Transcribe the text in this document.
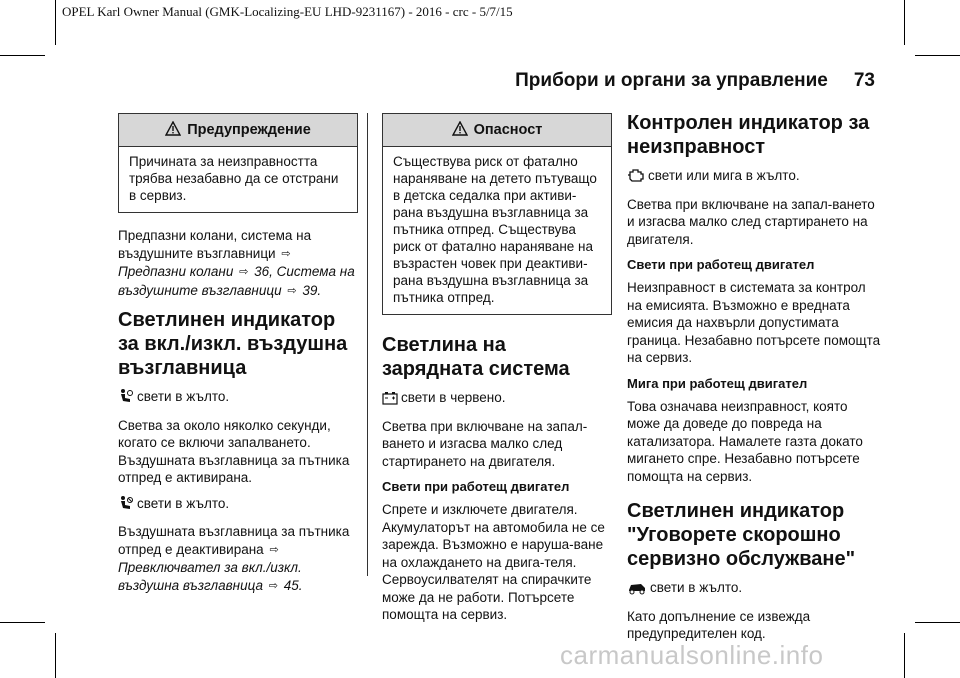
OPEL Karl Owner Manual (GMK-Localizing-EU LHD-9231167) - 2016 - crc - 5/7/15
Прибори и органи за управление 73
Предупреждение
Причината за неизправността трябва незабавно да се отстрани в сервиз.

Предпазни колани, система на въздушните възглавници ⇨ Предпазни колани ⇨ 36, Система на въздушните възглавници ⇨ 39.

Светлинен индикатор за вкл./изкл. въздушна възглавница

свети в жълто.

Светва за около няколко секунди, когато се включи запалването. Въздушната възглавница за пътника отпред е активирана.

свети в жълто.

Въздушната възглавница за пътника отпред е деактивирана ⇨ Превключвател за вкл./изкл. въздушна възглавница ⇨ 45.

Опасност
Съществува риск от фатално нараняване на детето пътуващо в детска седалка при активи-рана въздушна възглавница за пътника отпред. Съществува риск от фатално нараняване на възрастен човек при деактиви-рана въздушна възглавница за пътника отпред.
Светлина на зарядната система

свети в червено.

Светва при включване на запал-ването и изгасва малко след стартирането на двигателя.

Свети при работещ двигател

Спрете и изключете двигателя. Акумулаторът на автомобила не се зарежда. Възможно е наруша-ване на охлаждането на двига-теля. Сервоусилвателят на спирачките може да не работи. Потърсете помощта на сервиз.

Контролен индикатор за неизправност

свети или мига в жълто.

Светва при включване на запал-ването и изгасва малко след стартирането на двигателя.

Свети при работещ двигател

Неизправност в системата за контрол на емисията. Възможно е вредната емисия да нахвърли допустимата граница. Незабавно потърсете помощта на сервиз.

Мига при работещ двигател

Това означава неизправност, която може да доведе до повреда на катализатора. Намалете газта докато мигането спре. Незабавно потърсете помощта на сервиз.

Светлинен индикатор "Уговорете скорошно сервизно обслужване"

свети в жълто.

Като допълнение се извежда предупредителен код.

carmanualsonline.info
